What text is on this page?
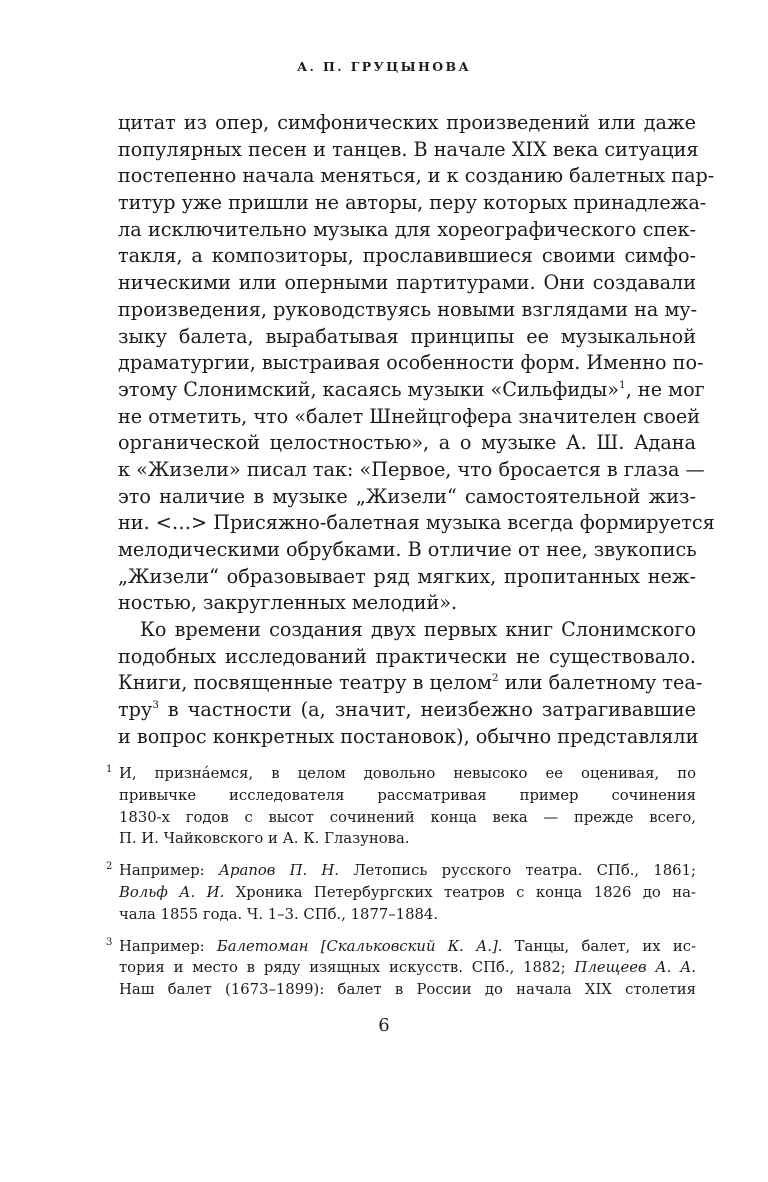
А. П. ГРУЦЫНОВА
цитат из опер, симфонических произведений или даже
популярных песен и танцев. В начале XIX века ситуация
постепенно начала меняться, и к созданию балетных пар-
титур уже пришли не авторы, перу которых принадлежа-
ла исключительно музыка для хореографического спек-
такля, а композиторы, прославившиеся своими симфо-
ническими или оперными партитурами. Они создавали
произведения, руководствуясь новыми взглядами на му-
зыку балета, вырабатывая принципы ее музыкальной
драматургии, выстраивая особенности форм. Именно по-
этому Слонимский, касаясь музыки «Сильфиды»$^1$, не мог
не отметить, что «балет Шнейцгофера значителен своей
органической целостностью», а о музыке А. Ш. Адана
к «Жизели» писал так: «Первое, что бросается в глаза —
это наличие в музыке „Жизели“ самостоятельной жиз-
ни. <…> Присяжно-балетная музыка всегда формируется
мелодическими обрубками. В отличие от нее, звукопись
„Жизели“ образовывает ряд мягких, пропитанных неж-
ностью, закругленных мелодий».
Ко времени создания двух первых книг Слонимского
подобных исследований практически не существовало.
Книги, посвященные театру в целом$^2$ или балетному теа-
тру$^3$ в частности (а, значит, неизбежно затрагивавшие
и вопрос конкретных постановок), обычно представляли
1 И, признáемся, в целом довольно невысоко ее оценивая, по
привычке исследователя рассматривая пример сочинения
1830-х годов с высот сочинений конца века — прежде всего,
П. И. Чайковского и А. К. Глазунова.
2 Например: Арапов П. Н. Летопись русского театра. СПб., 1861;
Вольф А. И. Хроника Петербургских театров с конца 1826 до на-
чала 1855 года. Ч. 1–3. СПб., 1877–1884.
3 Например: Балетоман [Скальковский К. А.]. Танцы, балет, их ис-
тория и место в ряду изящных искусств. СПб., 1882; Плещеев А. А.
Наш балет (1673–1899): балет в России до начала XIX столетия
6
